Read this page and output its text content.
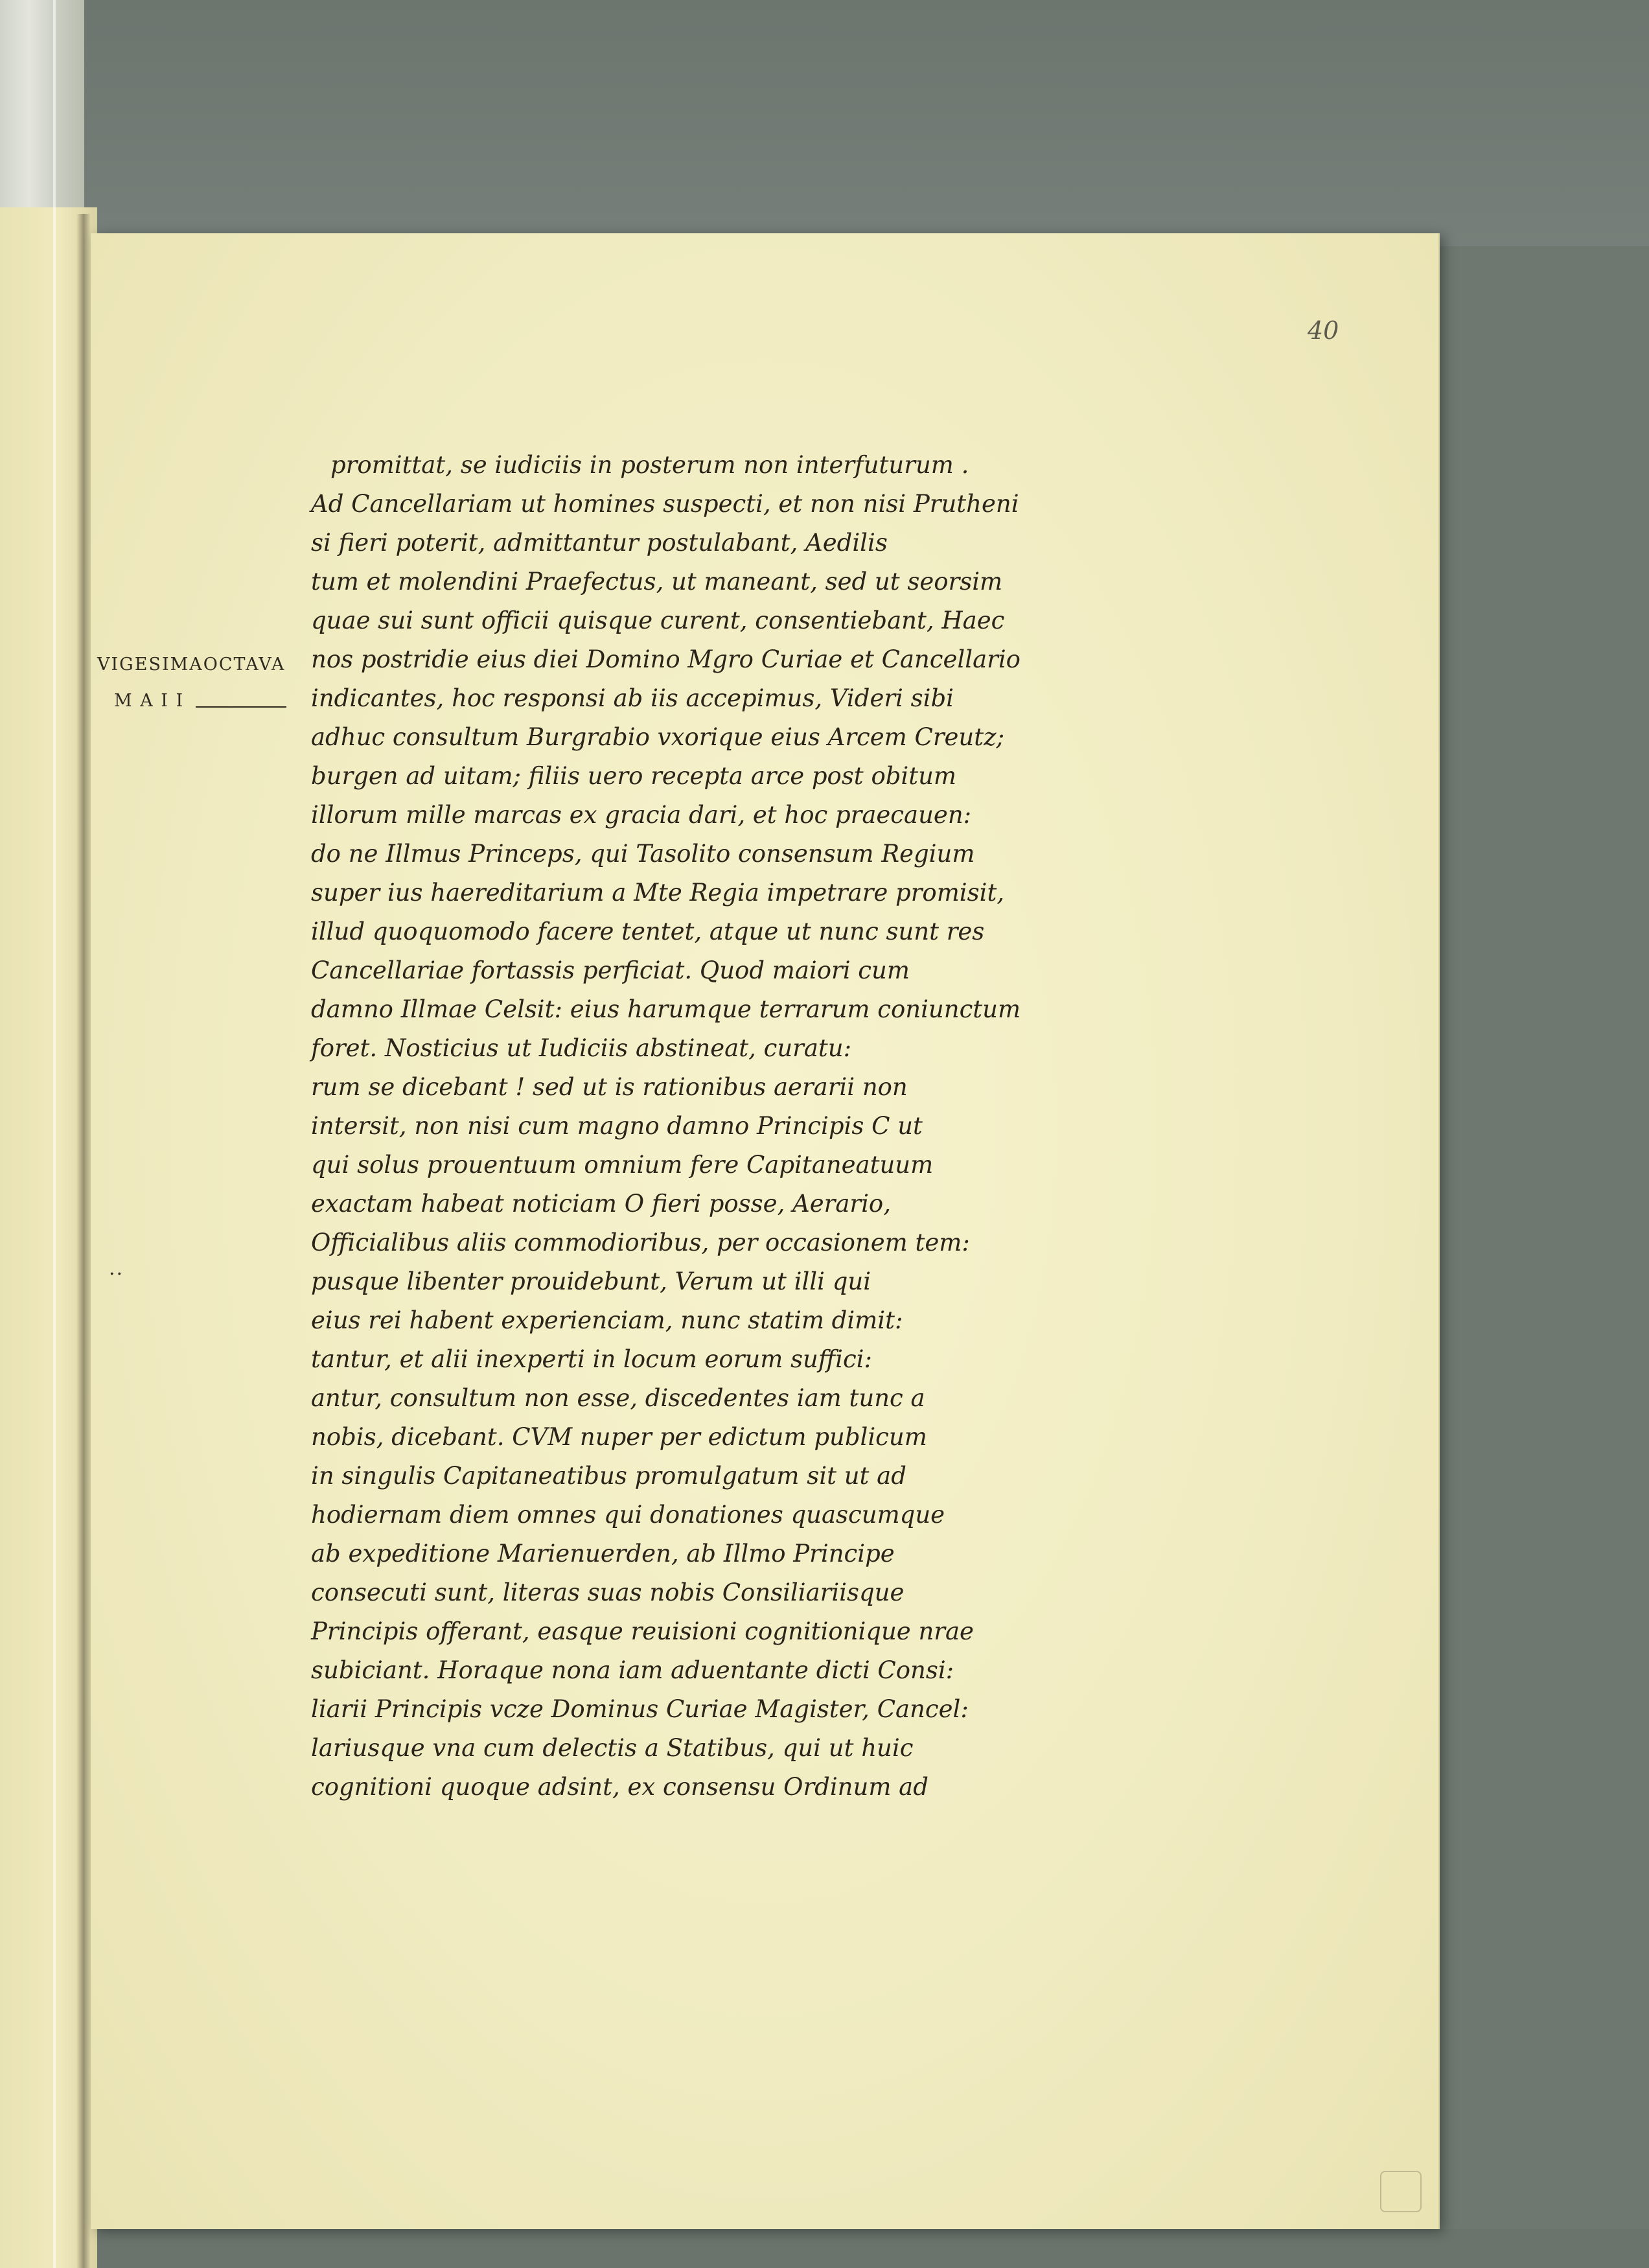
40
VIGESIMAOCTAVA
M A I I
..
promittat, se iudiciis in posterum non interfuturum .
Ad Cancellariam ut homines suspecti, et non nisi Prutheni
si fieri poterit, admittantur postulabant, Aedilis
tum et molendini Praefectus, ut maneant, sed ut seorsim
quae sui sunt officii quisque curent, consentiebant, Haec
nos postridie eius diei Domino Mgro Curiae et Cancellario
indicantes, hoc responsi ab iis accepimus, Videri sibi
adhuc consultum Burgrabio vxorique eius Arcem Creutz;
burgen ad uitam; filiis uero recepta arce post obitum
illorum mille marcas ex gracia dari, et hoc praecauen:
do ne Illmus Princeps, qui Tasolito consensum Regium
super ius haereditarium a Mte Regia impetrare promisit,
illud quoquomodo facere tentet, atque ut nunc sunt res
Cancellariae fortassis perficiat. Quod maiori cum
damno Illmae Celsit: eius harumque terrarum coniunctum
foret. Nosticius ut Iudiciis abstineat, curatu:
rum se dicebant ! sed ut is rationibus aerarii non
intersit, non nisi cum magno damno Principis C ut
qui solus prouentuum omnium fere Capitaneatuum
exactam habeat noticiam O fieri posse, Aerario,
Officialibus aliis commodioribus, per occasionem tem:
pusque libenter prouidebunt, Verum ut illi qui
eius rei habent experienciam, nunc statim dimit:
tantur, et alii inexperti in locum eorum suffici:
antur, consultum non esse, discedentes iam tunc a
nobis, dicebant. CVM nuper per edictum publicum
in singulis Capitaneatibus promulgatum sit ut ad
hodiernam diem omnes qui donationes quascumque
ab expeditione Marienuerden, ab Illmo Principe
consecuti sunt, literas suas nobis Consiliariisque
Principis offerant, easque reuisioni cognitionique nrae
subiciant. Horaque nona iam aduentante dicti Consi:
liarii Principis vcze Dominus Curiae Magister, Cancel:
lariusque vna cum delectis a Statibus, qui ut huic
cognitioni quoque adsint, ex consensu Ordinum ad
